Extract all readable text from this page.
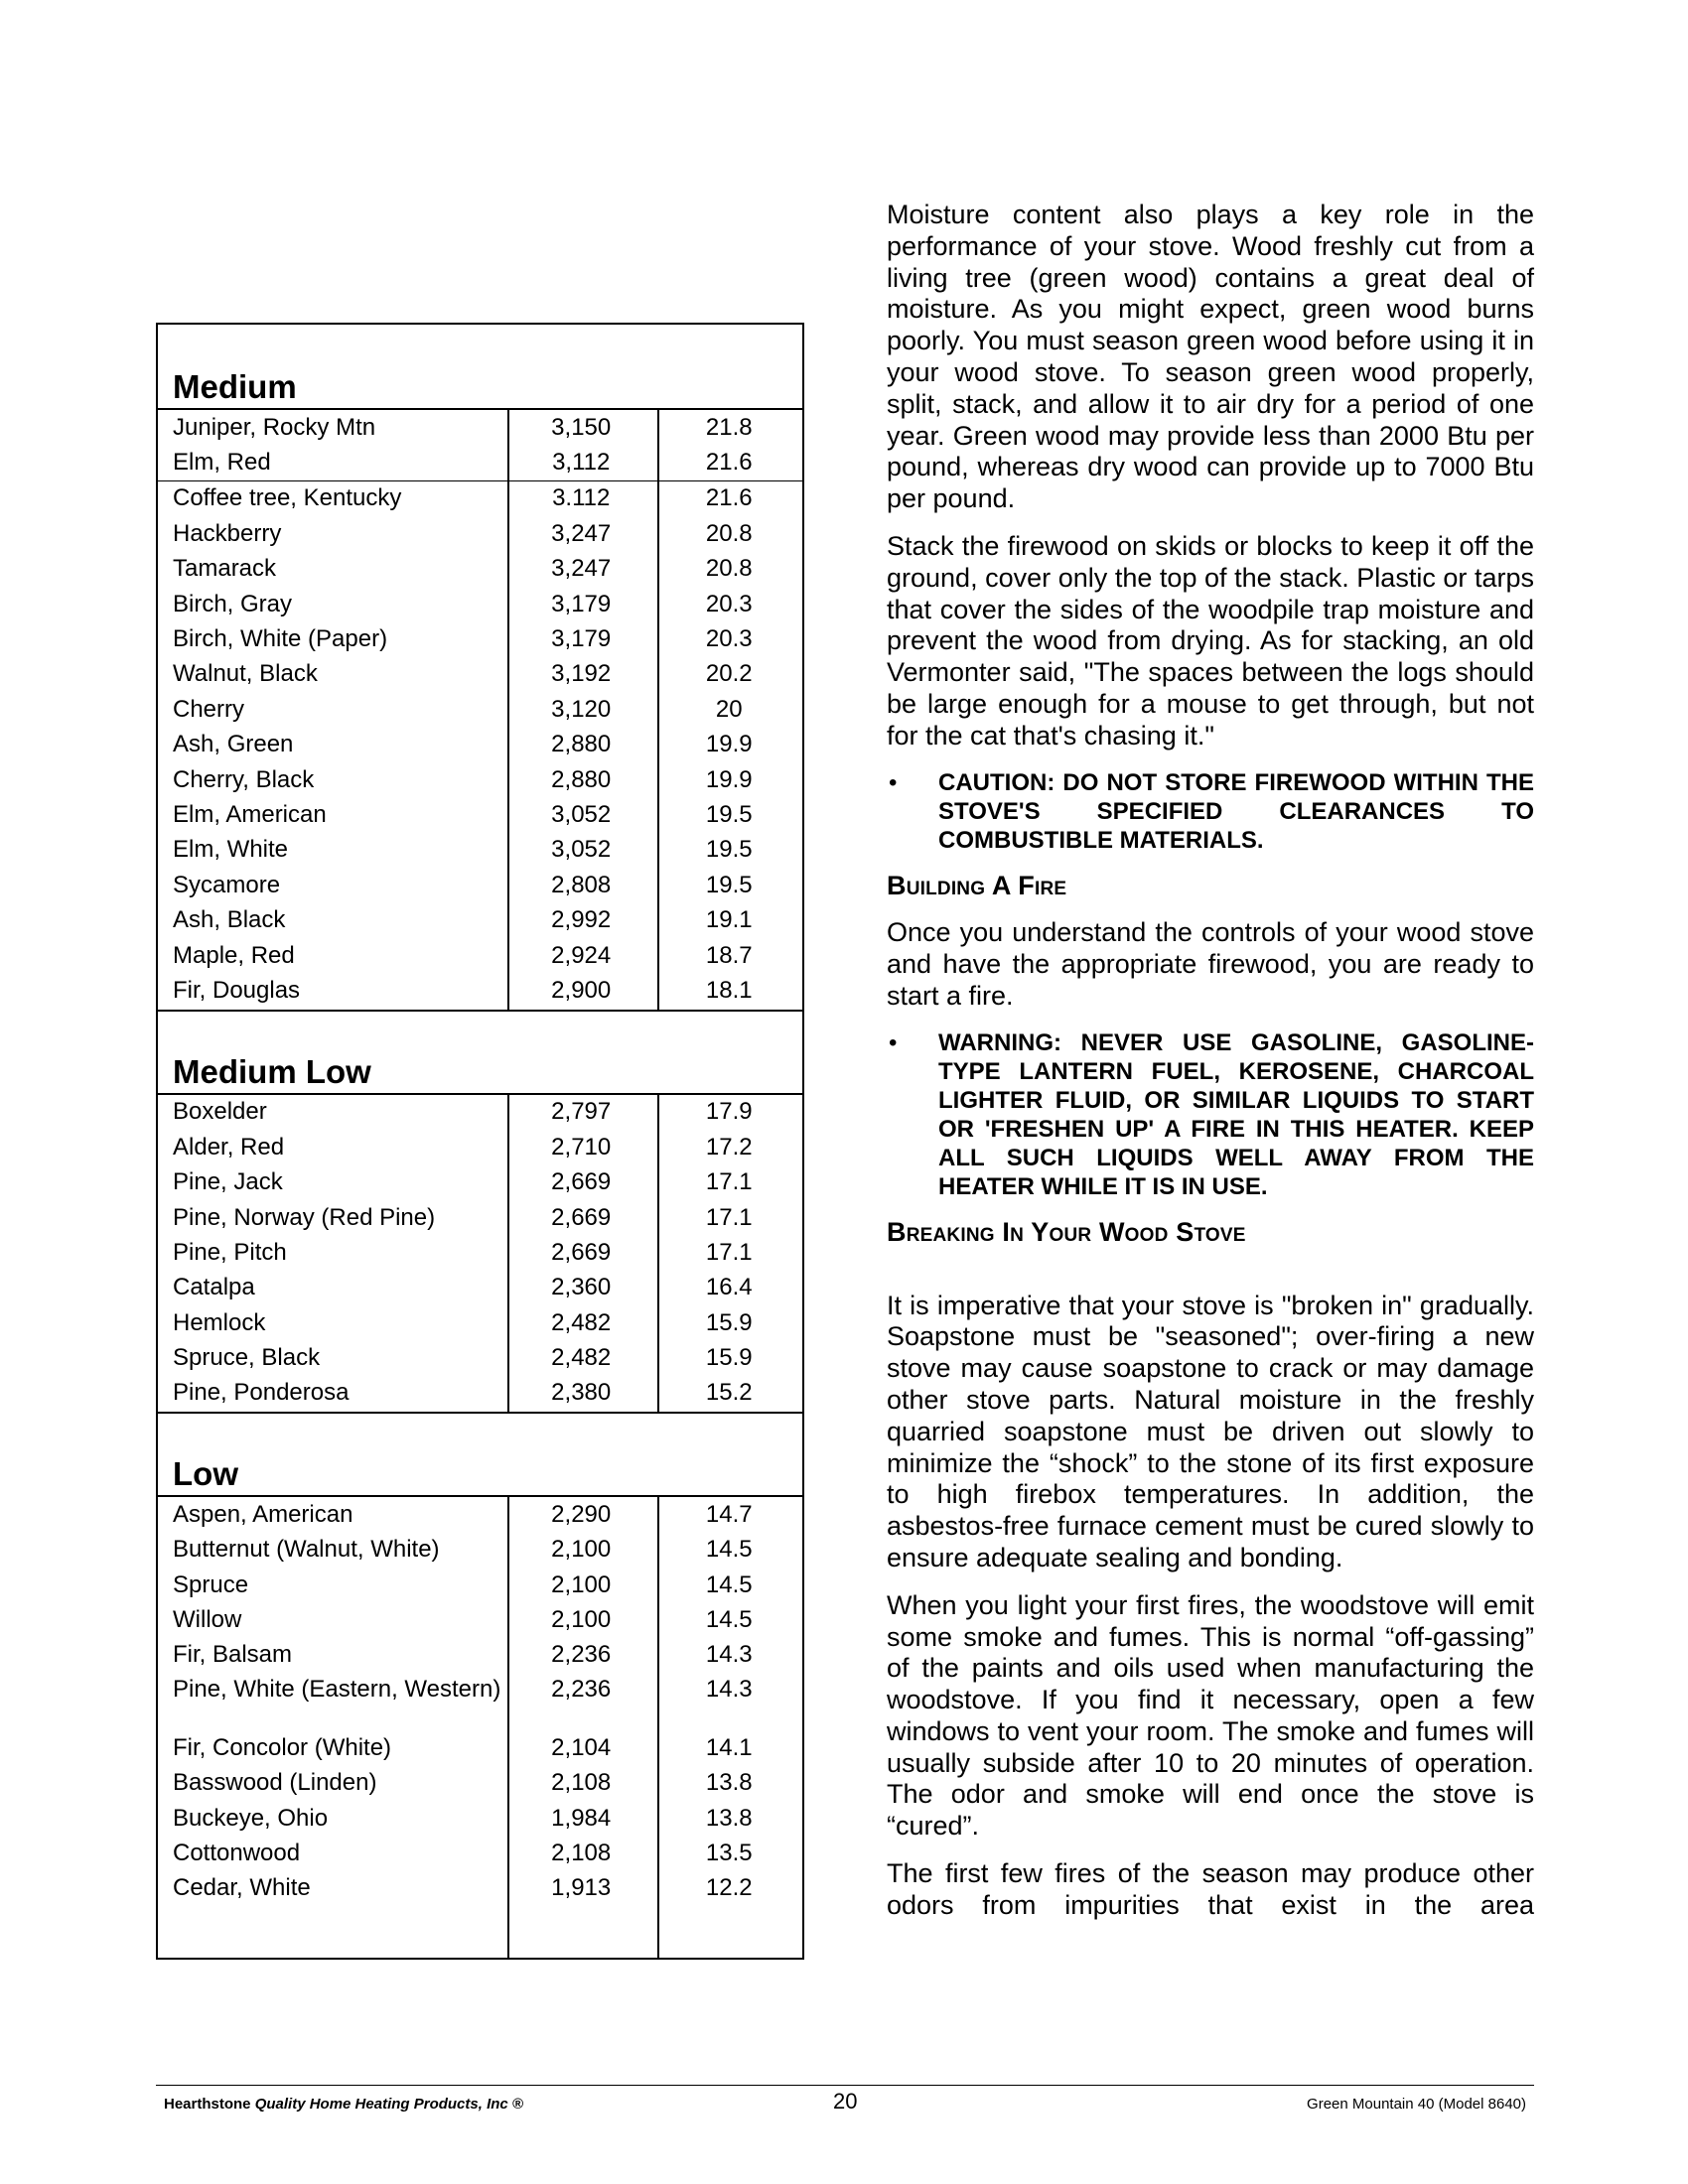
Medium
Juniper, Rocky Mtn	3,150	21.8
Elm, Red	3,112	21.6
Coffee tree, Kentucky	3.112	21.6
Hackberry	3,247	20.8
Tamarack	3,247	20.8
Birch, Gray	3,179	20.3
Birch, White (Paper)	3,179	20.3
Walnut, Black	3,192	20.2
Cherry	3,120	20
Ash, Green	2,880	19.9
Cherry, Black	2,880	19.9
Elm, American	3,052	19.5
Elm, White	3,052	19.5
Sycamore	2,808	19.5
Ash, Black	2,992	19.1
Maple, Red	2,924	18.7
Fir, Douglas	2,900	18.1
Medium Low
Boxelder	2,797	17.9
Alder, Red	2,710	17.2
Pine, Jack	2,669	17.1
Pine, Norway (Red Pine)	2,669	17.1
Pine, Pitch	2,669	17.1
Catalpa	2,360	16.4
Hemlock	2,482	15.9
Spruce, Black	2,482	15.9
Pine, Ponderosa	2,380	15.2
Low
Aspen, American	2,290	14.7
Butternut (Walnut, White)	2,100	14.5
Spruce	2,100	14.5
Willow	2,100	14.5
Fir, Balsam	2,236	14.3
Pine, White (Eastern, Western)	2,236	14.3
Fir, Concolor (White)	2,104	14.1
Basswood (Linden)	2,108	13.8
Buckeye, Ohio	1,984	13.8
Cottonwood	2,108	13.5
Cedar, White	1,913	12.2

Moisture content also plays a key role in the performance of your stove. Wood freshly cut from a living tree (green wood) contains a great deal of moisture. As you might expect, green wood burns poorly. You must season green wood before using it in your wood stove. To season green wood properly, split, stack, and allow it to air dry for a period of one year. Green wood may provide less than 2000 Btu per pound, whereas dry wood can provide up to 7000 Btu per pound.

Stack the firewood on skids or blocks to keep it off the ground, cover only the top of the stack. Plastic or tarps that cover the sides of the woodpile trap moisture and prevent the wood from drying. As for stacking, an old Vermonter said, "The spaces between the logs should be large enough for a mouse to get through, but not for the cat that's chasing it."

•	CAUTION: DO NOT STORE FIREWOOD WITHIN THE STOVE'S SPECIFIED CLEARANCES TO COMBUSTIBLE MATERIALS.
Building A Fire

Once you understand the controls of your wood stove and have the appropriate firewood, you are ready to start a fire.

•	WARNING: NEVER USE GASOLINE, GASOLINE-TYPE LANTERN FUEL, KEROSENE, CHARCOAL LIGHTER FLUID, OR SIMILAR LIQUIDS TO START OR 'FRESHEN UP' A FIRE IN THIS HEATER. KEEP ALL SUCH LIQUIDS WELL AWAY FROM THE HEATER WHILE IT IS IN USE.
Breaking In Your Wood Stove

It is imperative that your stove is "broken in" gradually. Soapstone must be "seasoned"; over-firing a new stove may cause soapstone to crack or may damage other stove parts. Natural moisture in the freshly quarried soapstone must be driven out slowly to minimize the “shock” to the stone of its first exposure to high firebox temperatures. In addition, the asbestos-free furnace cement must be cured slowly to ensure adequate sealing and bonding.

When you light your first fires, the woodstove will emit some smoke and fumes. This is normal “off-gassing” of the paints and oils used when manufacturing the woodstove. If you find it necessary, open a few windows to vent your room. The smoke and fumes will usually subside after 10 to 20 minutes of operation. The odor and smoke will end once the stove is “cured”.

The first few fires of the season may produce other odors from impurities that exist in the area

Hearthstone Quality Home Heating Products, Inc ®	20	Green Mountain 40 (Model 8640)
